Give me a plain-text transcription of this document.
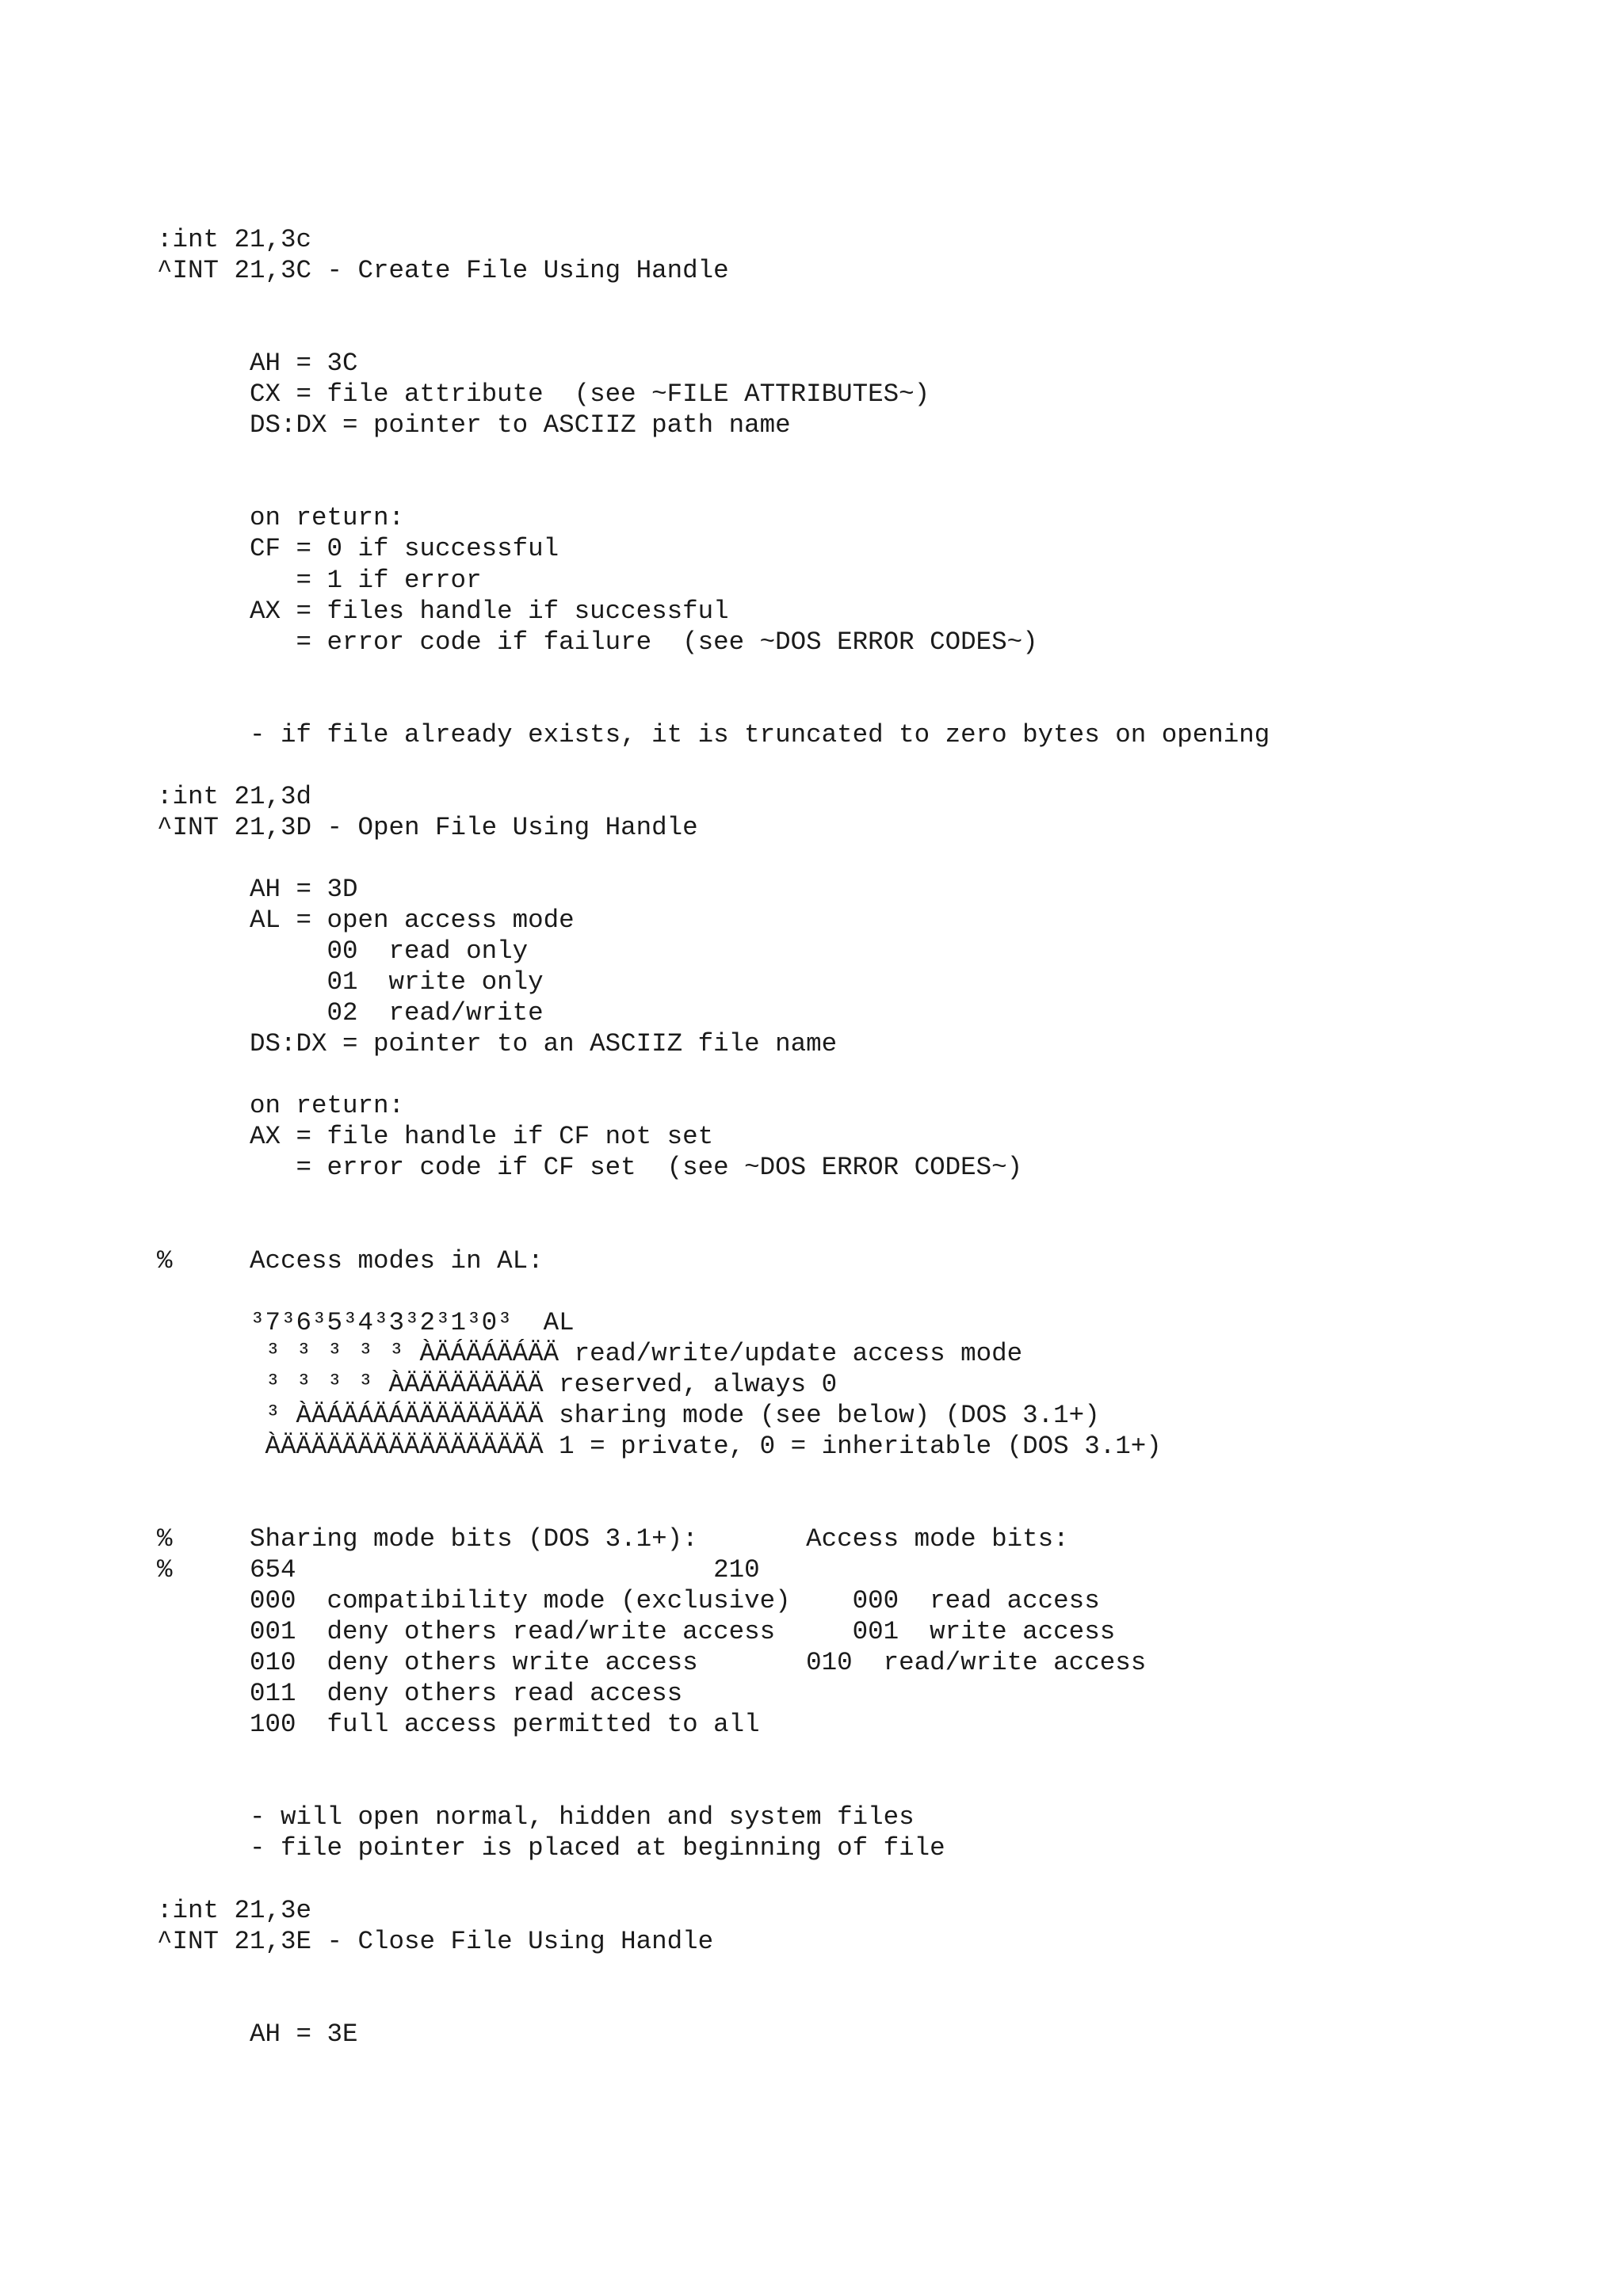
:int 21,3c
^INT 21,3C - Create File Using Handle
AH = 3C
CX = file attribute  (see ~FILE ATTRIBUTES~)
DS:DX = pointer to ASCIIZ path name
on return:
CF = 0 if successful
= 1 if error
AX = files handle if successful
= error code if failure  (see ~DOS ERROR CODES~)
- if file already exists, it is truncated to zero bytes on opening
:int 21,3d
^INT 21,3D - Open File Using Handle
AH = 3D
AL = open access mode
00  read only
01  write only
02  read/write
DS:DX = pointer to an ASCIIZ file name
on return:
AX = file handle if CF not set
= error code if CF set  (see ~DOS ERROR CODES~)
%     Access modes in AL:
³7³6³5³4³3³2³1³0³  AL
³ ³ ³ ³ ³ ÀÄÁÄÁÄÁÄÄ read/write/update access mode
³ ³ ³ ³ ÀÄÄÄÄÄÄÄÄÄ reserved, always 0
³ ÀÄÁÄÁÄÁÄÄÄÄÄÄÄÄÄ sharing mode (see below) (DOS 3.1+)
ÀÄÄÄÄÄÄÄÄÄÄÄÄÄÄÄÄÄ 1 = private, 0 = inheritable (DOS 3.1+)
%     Sharing mode bits (DOS 3.1+):       Access mode bits:
%     654                           210
000  compatibility mode (exclusive)    000  read access
001  deny others read/write access     001  write access
010  deny others write access       010  read/write access
011  deny others read access
100  full access permitted to all
- will open normal, hidden and system files
- file pointer is placed at beginning of file
:int 21,3e
^INT 21,3E - Close File Using Handle
AH = 3E
